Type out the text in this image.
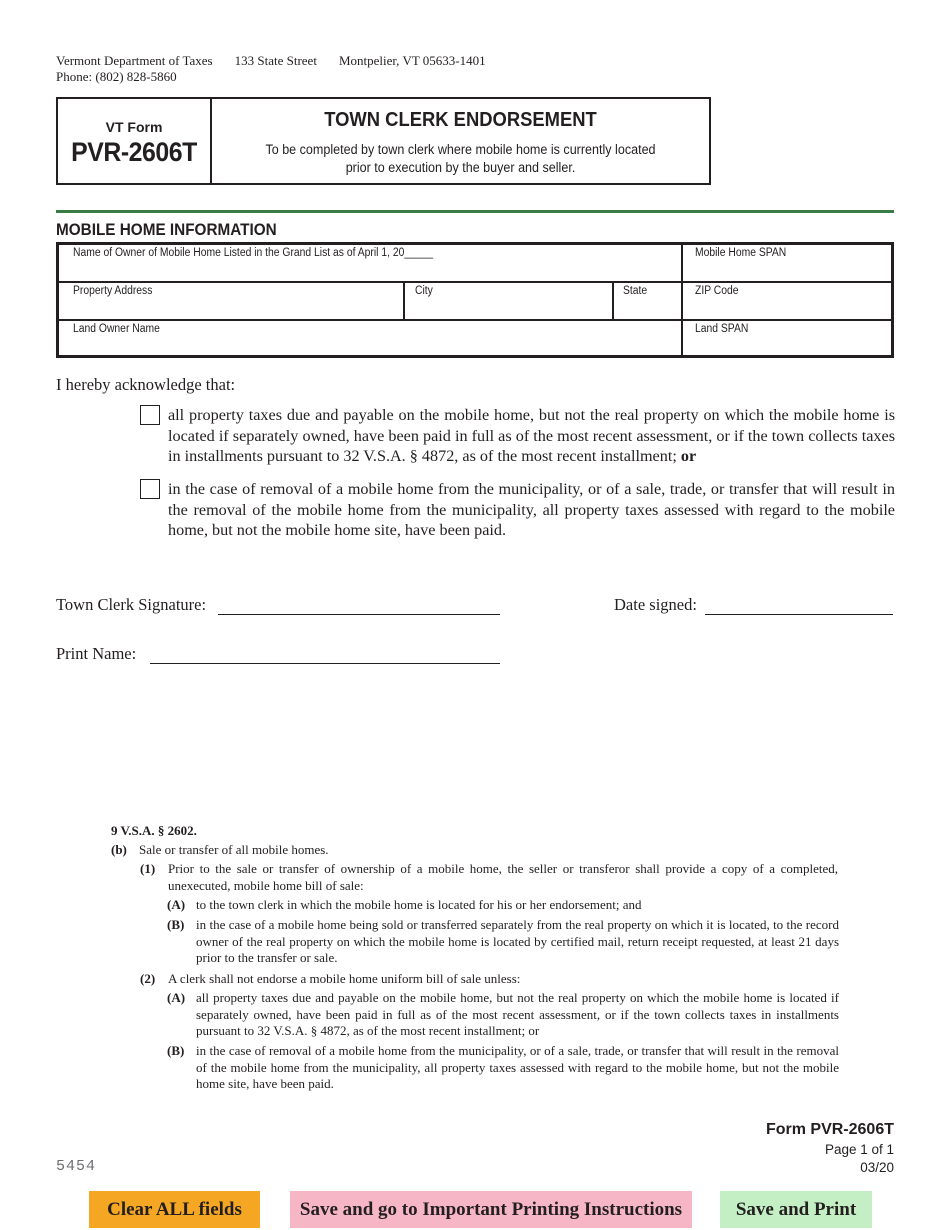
Vermont Department of Taxes 133 State Street Montpelier, VT 05633-1401
Phone: (802) 828-5860
VT Form
PVR-2606T
TOWN CLERK ENDORSEMENT
To be completed by town clerk where mobile home is currently located
prior to execution by the buyer and seller.
MOBILE HOME INFORMATION
Name of Owner of Mobile Home Listed in the Grand List as of April 1, 20_____	Mobile Home SPAN
Property Address	City	State	ZIP Code
Land Owner Name	Land SPAN
I hereby acknowledge that:
all property taxes due and payable on the mobile home, but not the real property on which the mobile home is located if separately owned, have been paid in full as of the most recent assessment, or if the town collects taxes in installments pursuant to 32 V.S.A. § 4872, as of the most recent installment; or
in the case of removal of a mobile home from the municipality, or of a sale, trade, or transfer that will result in the removal of the mobile home from the municipality, all property taxes assessed with regard to the mobile home, but not the mobile home site, have been paid.
Town Clerk Signature:	Date signed:
Print Name:
9 V.S.A. § 2602.
(b) Sale or transfer of all mobile homes.
(1) Prior to the sale or transfer of ownership of a mobile home, the seller or transferor shall provide a copy of a completed, unexecuted, mobile home bill of sale:
(A) to the town clerk in which the mobile home is located for his or her endorsement; and
(B) in the case of a mobile home being sold or transferred separately from the real property on which it is located, to the record owner of the real property on which the mobile home is located by certified mail, return receipt requested, at least 21 days prior to the transfer or sale.
(2) A clerk shall not endorse a mobile home uniform bill of sale unless:
(A) all property taxes due and payable on the mobile home, but not the real property on which the mobile home is located if separately owned, have been paid in full as of the most recent assessment, or if the town collects taxes in installments pursuant to 32 V.S.A. § 4872, as of the most recent installment; or
(B) in the case of removal of a mobile home from the municipality, or of a sale, trade, or transfer that will result in the removal of the mobile home from the municipality, all property taxes assessed with regard to the mobile home, but not the mobile home site, have been paid.
Form PVR-2606T
Page 1 of 1
03/20
5454
Clear ALL fields	Save and go to Important Printing Instructions	Save and Print
